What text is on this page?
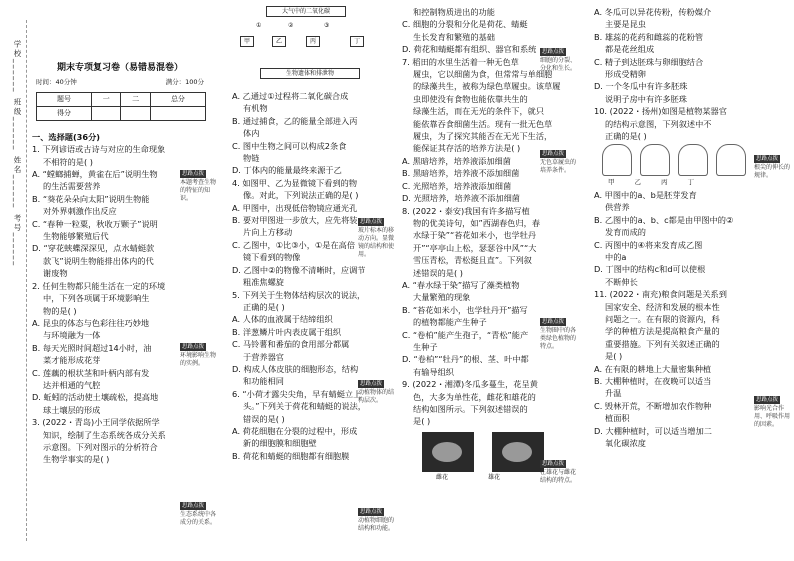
学校______ 班级______ 姓名______ 考号______	期末专项复习卷（易错易混卷）
时间：40分钟	满分：100分
题号	一	二	总分
得分			
一、选择题(36分)
1. 下列谚语或古诗与对应的生命现象
不相符的是( )
A. “螳螂捕蝉，黄雀在后”说明生物
的生活需要营养
B. “葵花朵朵向太阳”说明生物能
对外界刺激作出反应
C. “春种一粒粟，秋收万颗子”说明
生物能够繁殖后代
D. “穿花蛱蝶深深见，点水蜻蜓款
款飞”说明生物能排出体内的代
谢废物
2. 任何生物都只能生活在一定的环境
中，下列各项属于环境影响生
物的是( )
A. 昆虫的体态与色彩往往巧妙地
与环境融为一体
B. 每天光照时间超过14小时，油
菜才能形成花芽
C. 莲藕的根状茎和叶柄内部有发
达并相通的气腔
D. 蚯蚓的活动使土壤疏松，提高地
球土壤层的形成
3. (2022・青岛)小王同学依据所学
知识，绘制了生态系统各成分关系
示意图。下列对图示的分析符合
生物学事实的是( )
思路点拨
本题考查生物的特征的知识。
思路点拨
环境影响生物的实例。
思路点拨
生态系统中各成分的关系。
大气中的二氧化碳
甲	乙	丙	丁
生物遗体和排泄物
①	②	③
A. 乙通过①过程将二氧化碳合成
有机物
B. 通过捕食，乙的能量全部进入丙
体内
C. 图中生物之间可以构成2条食
物链
D. 丁体内的能量最终来源于乙
4. 如图甲、乙为显微镜下看到的物
像。对此，下列说法正确的是( )
A. 甲图中，出现低倍物镜应通光孔
B. 要对甲图进一步放大，应先将装
片向上方移动
C. 乙图中，①比③小，①是在高倍
镜下看到的物像
D. 乙图中②的物像不清晰时，应调节
粗准焦螺旋
5. 下列关于生物体结构层次的说法，
正确的是( )
A. 人体的血液属于结缔组织
B. 洋葱鳞片叶内表皮属于组织
C. 马铃薯和番茄的食用部分都属
于营养器官
D. 构成人体皮肤的细胞形态，结构
和功能相同
6. “小荷才露尖尖角，早有蜻蜓立上
头。”下列关于荷花和蜻蜓的说法，
错误的是( )
A. 荷花细胞在分裂的过程中，形成
新的细胞膜和细胞壁
B. 荷花和蜻蜓的细胞都有细胞膜
思路点拨
玻片标本的移动方向。显微镜的结构和使用。
思路点拨
动植物体的结构层次。
思路点拨
动植物细胞的结构和功能。
和控制物质进出的功能
C. 细胞的分裂和分化是荷花、蜻蜓
生长发育和繁殖的基础
D. 荷花和蜻蜓都有组织、器官和系统
7. 稻田的水里生活着一种无色草
履虫，它以细菌为食，但常常与单细胞
的绿藻共生，被称为绿色草履虫。该草履
虫即使没有食物也能依靠共生的
绿藻生活，而在无光的条件下，就只
能依靠吞食细菌生活。现有一批无色草
履虫，为了探究其能否在无光下生活，
能保证其存活的培养方法是( )
A. 黑暗培养，培养液添加细菌
B. 黑暗培养，培养液不添加细菌
C. 光照培养，培养液添加细菌
D. 光照培养，培养液不添加细菌
8. (2022・泰安)我国有许多描写植
物的优美诗句，如”西湖春色归，春
水绿于染”“苔花如米小，也学牡丹
开”“亭亭山上松，瑟瑟谷中风”“大
雪压青松，青松挺且直”。下列叙
述错误的是( )
A. “春水绿于染”描写了藻类植物
大量繁殖的现象
B. “苔花如米小，也学牡丹开”描写
的植物都能产生种子
C. “卷柏”能产生孢子，“青松”能产
生种子
D. “卷柏”“牡丹”的根、茎、叶中都
有输导组织
9. (2022・湘潭)冬瓜多蔓生，花呈黄
色，大多为单性花，雌花和雄花的
结构如图所示。下列叙述错误的
是( )
雌花	雄花
思路点拨
细胞的分裂、分化和生长。
思路点拨
无色草履虫的培养条件。
思路点拨
生物圈中的各类绿色植物的特点。
思路点拨
在雄花与雌花结构的特点。
A. 冬瓜可以异花传粉，传粉媒介
主要是昆虫
B. 雄蕊的花药和雌蕊的花粉管
都是花丝组成
C. 精子到达胚珠与卵细胞结合
形成受精卵
D. 一个冬瓜中有许多胚珠
说明子房中有许多胚珠
10. (2022・扬州)如图是植物某器官
的结构示意图，下列叙述中不
正确的是( )
甲	乙	丙	丁
A. 甲图中的a、b是胚芽发育
供营养
B. 乙图中的a、b、c都是由甲图中的②
发育而成的
C. 丙图中的④将来发育成乙图
中的a
D. 丁图中的结构c和d可以使根
不断伸长
11. (2022・南充)粮食问题是关系到
国家安全、经济和发展的根本性
问题之一。在有限的资源内，科
学的种植方法是提高粮食产量的
重要措施。下列有关叙述正确的
是( )
A. 在有限的耕地上大量密集种植
B. 大棚种植时，在夜晚可以适当
升温
C. 毁林开荒，不断增加农作物种
植面积
D. 大棚种植时，可以适当增加二
氧化碳浓度
思路点拨
根尖的伸长的规律。
思路点拨
影响光合作用、呼吸作用的因素。
